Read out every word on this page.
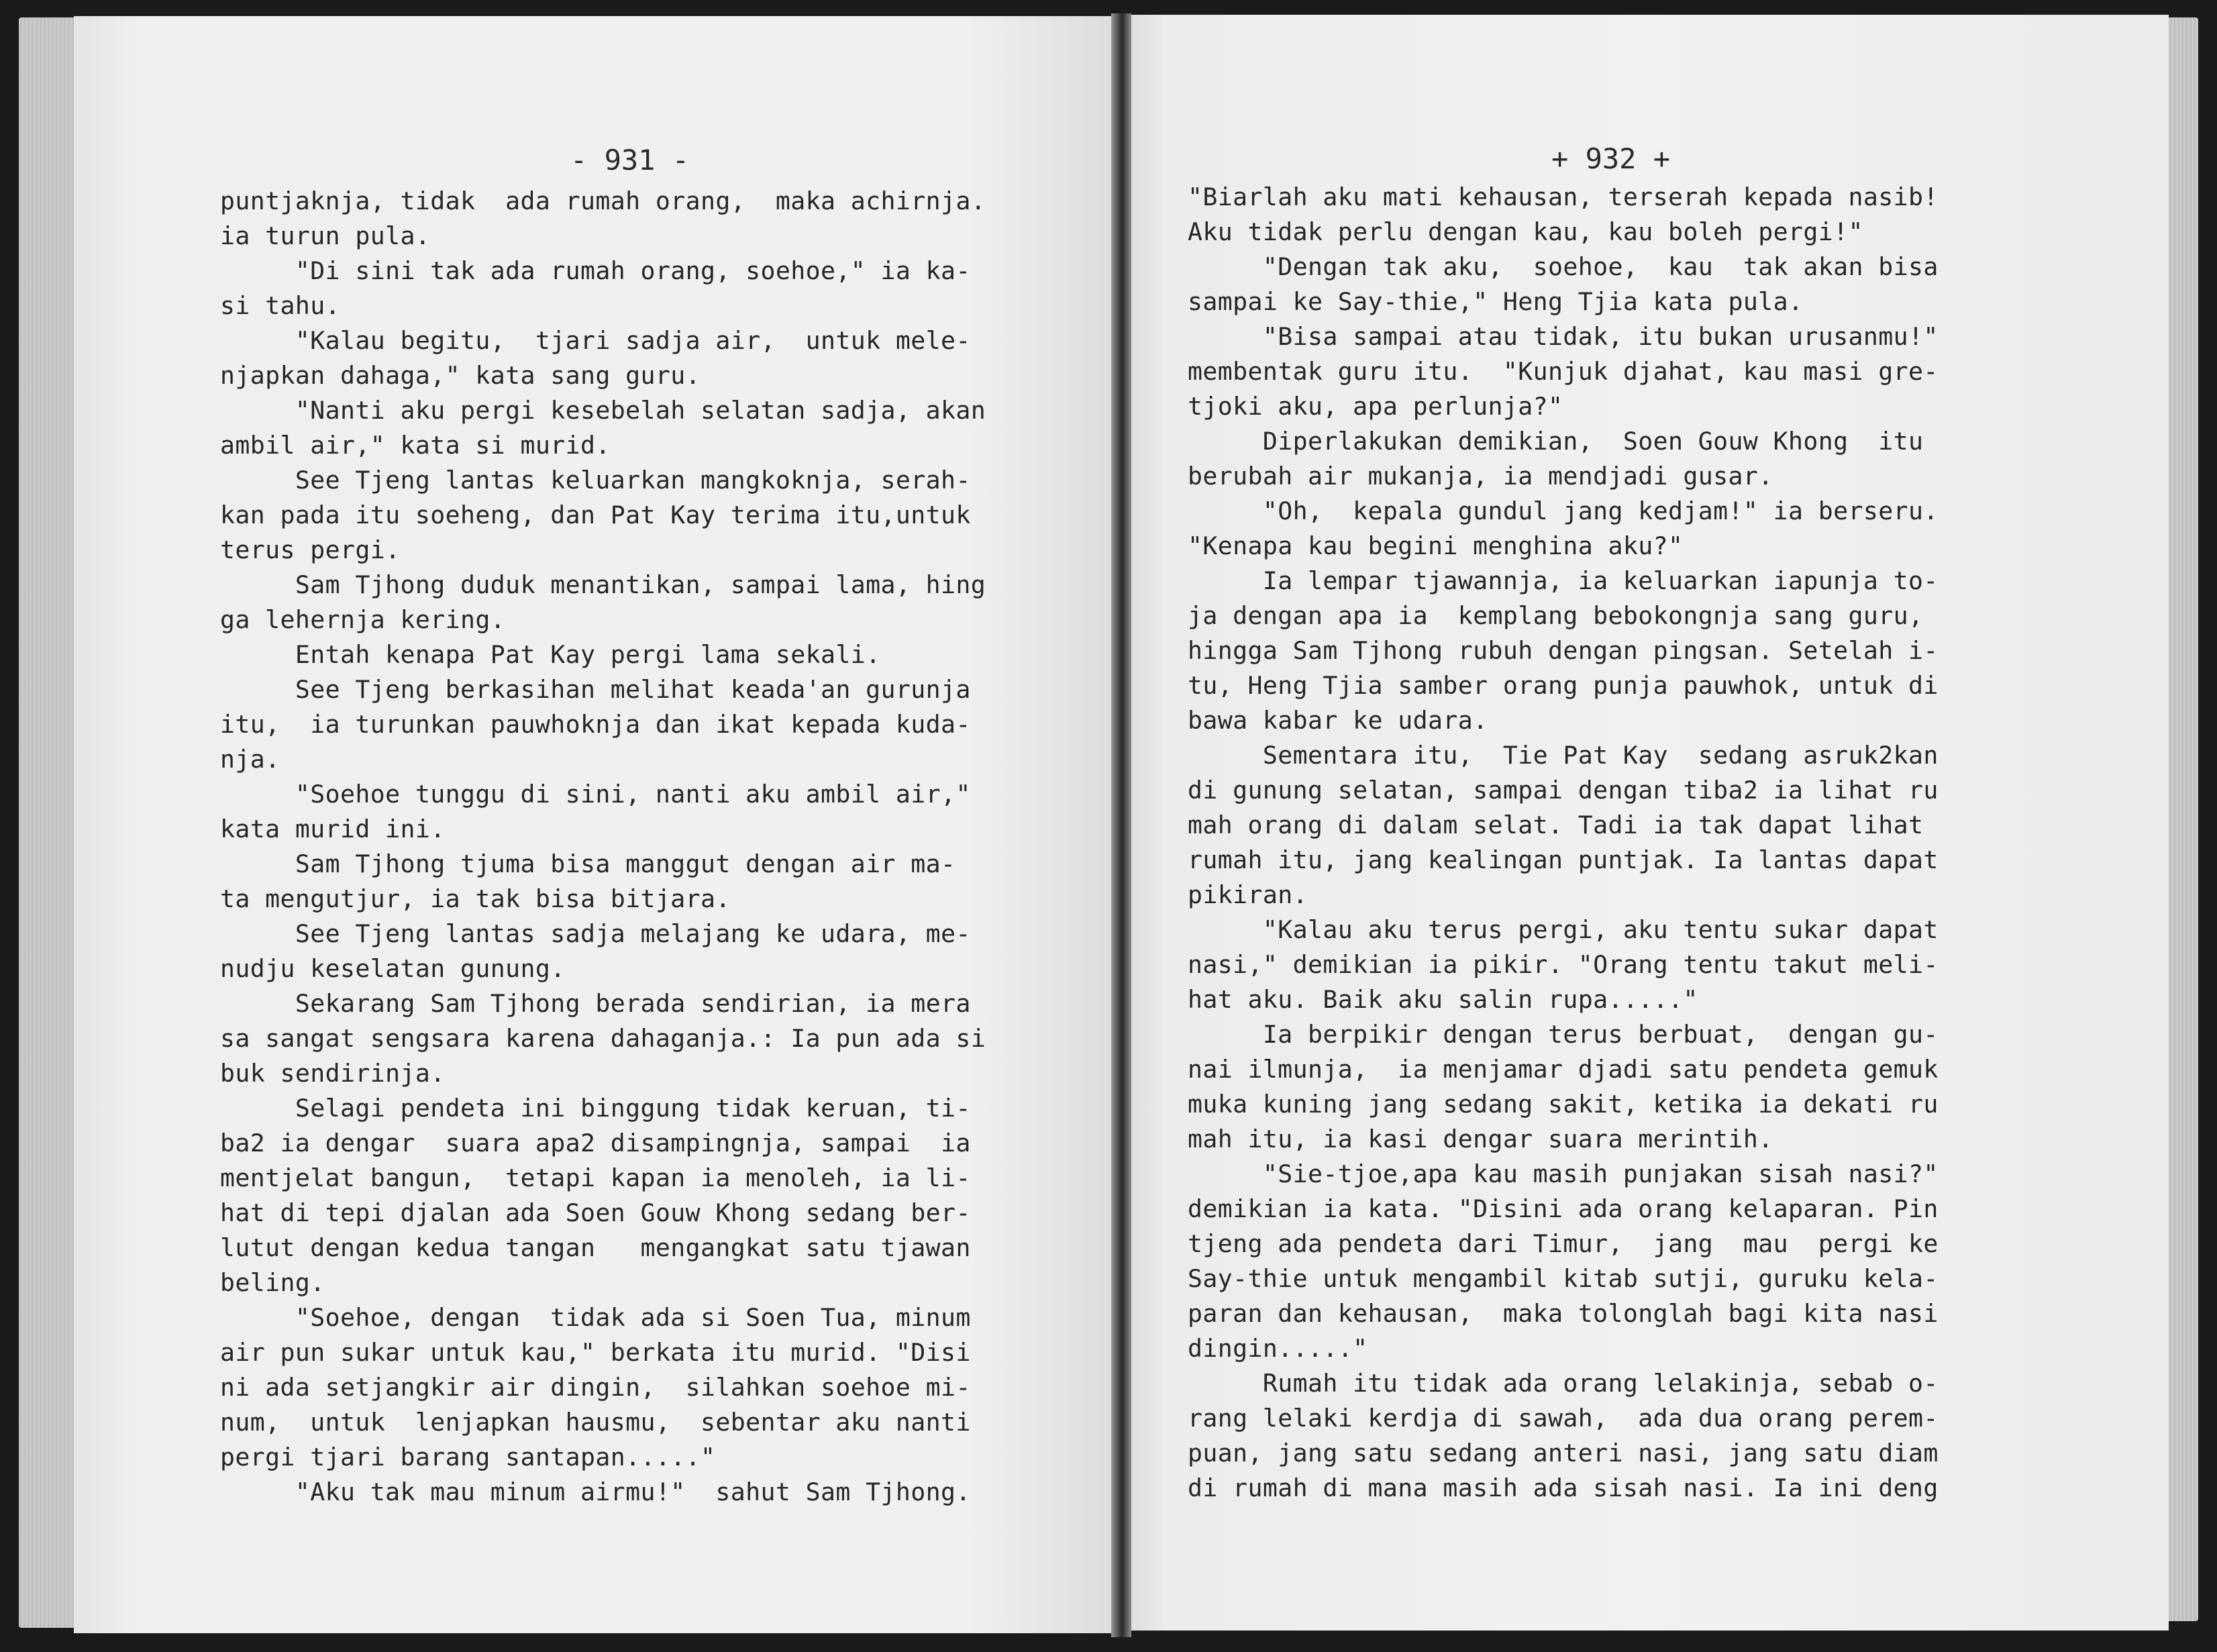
- 931 -
puntjaknja, tidak  ada rumah orang,  maka achirnja.
ia turun pula.
"Di sini tak ada rumah orang, soehoe," ia ka-
si tahu.
"Kalau begitu,  tjari sadja air,  untuk mele-
njapkan dahaga," kata sang guru.
"Nanti aku pergi kesebelah selatan sadja, akan
ambil air," kata si murid.
See Tjeng lantas keluarkan mangkoknja, serah-
kan pada itu soeheng, dan Pat Kay terima itu,untuk
terus pergi.
Sam Tjhong duduk menantikan, sampai lama, hing
ga lehernja kering.
Entah kenapa Pat Kay pergi lama sekali.
See Tjeng berkasihan melihat keada'an gurunja
itu,  ia turunkan pauwhoknja dan ikat kepada kuda-
nja.
"Soehoe tunggu di sini, nanti aku ambil air,"
kata murid ini.
Sam Tjhong tjuma bisa manggut dengan air ma-
ta mengutjur, ia tak bisa bitjara.
See Tjeng lantas sadja melajang ke udara, me-
nudju keselatan gunung.
Sekarang Sam Tjhong berada sendirian, ia mera
sa sangat sengsara karena dahaganja.: Ia pun ada si
buk sendirinja.
Selagi pendeta ini binggung tidak keruan, ti-
ba2 ia dengar  suara apa2 disampingnja, sampai  ia
mentjelat bangun,  tetapi kapan ia menoleh, ia li-
hat di tepi djalan ada Soen Gouw Khong sedang ber-
lutut dengan kedua tangan   mengangkat satu tjawan
beling.
"Soehoe, dengan  tidak ada si Soen Tua, minum
air pun sukar untuk kau," berkata itu murid. "Disi
ni ada setjangkir air dingin,  silahkan soehoe mi-
num,  untuk  lenjapkan hausmu,  sebentar aku nanti
pergi tjari barang santapan....."
"Aku tak mau minum airmu!"  sahut Sam Tjhong.
+ 932 +
"Biarlah aku mati kehausan, terserah kepada nasib!
Aku tidak perlu dengan kau, kau boleh pergi!"
"Dengan tak aku,  soehoe,  kau  tak akan bisa
sampai ke Say-thie," Heng Tjia kata pula.
"Bisa sampai atau tidak, itu bukan urusanmu!"
membentak guru itu.  "Kunjuk djahat, kau masi gre-
tjoki aku, apa perlunja?"
Diperlakukan demikian,  Soen Gouw Khong  itu
berubah air mukanja, ia mendjadi gusar.
"Oh,  kepala gundul jang kedjam!" ia berseru.
"Kenapa kau begini menghina aku?"
Ia lempar tjawannja, ia keluarkan iapunja to-
ja dengan apa ia  kemplang bebokongnja sang guru,
hingga Sam Tjhong rubuh dengan pingsan. Setelah i-
tu, Heng Tjia samber orang punja pauwhok, untuk di
bawa kabar ke udara.
Sementara itu,  Tie Pat Kay  sedang asruk2kan
di gunung selatan, sampai dengan tiba2 ia lihat ru
mah orang di dalam selat. Tadi ia tak dapat lihat
rumah itu, jang kealingan puntjak. Ia lantas dapat
pikiran.
"Kalau aku terus pergi, aku tentu sukar dapat
nasi," demikian ia pikir. "Orang tentu takut meli-
hat aku. Baik aku salin rupa....."
Ia berpikir dengan terus berbuat,  dengan gu-
nai ilmunja,  ia menjamar djadi satu pendeta gemuk
muka kuning jang sedang sakit, ketika ia dekati ru
mah itu, ia kasi dengar suara merintih.
"Sie-tjoe,apa kau masih punjakan sisah nasi?"
demikian ia kata. "Disini ada orang kelaparan. Pin
tjeng ada pendeta dari Timur,  jang  mau  pergi ke
Say-thie untuk mengambil kitab sutji, guruku kela-
paran dan kehausan,  maka tolonglah bagi kita nasi
dingin....."
Rumah itu tidak ada orang lelakinja, sebab o-
rang lelaki kerdja di sawah,  ada dua orang perem-
puan, jang satu sedang anteri nasi, jang satu diam
di rumah di mana masih ada sisah nasi. Ia ini deng
